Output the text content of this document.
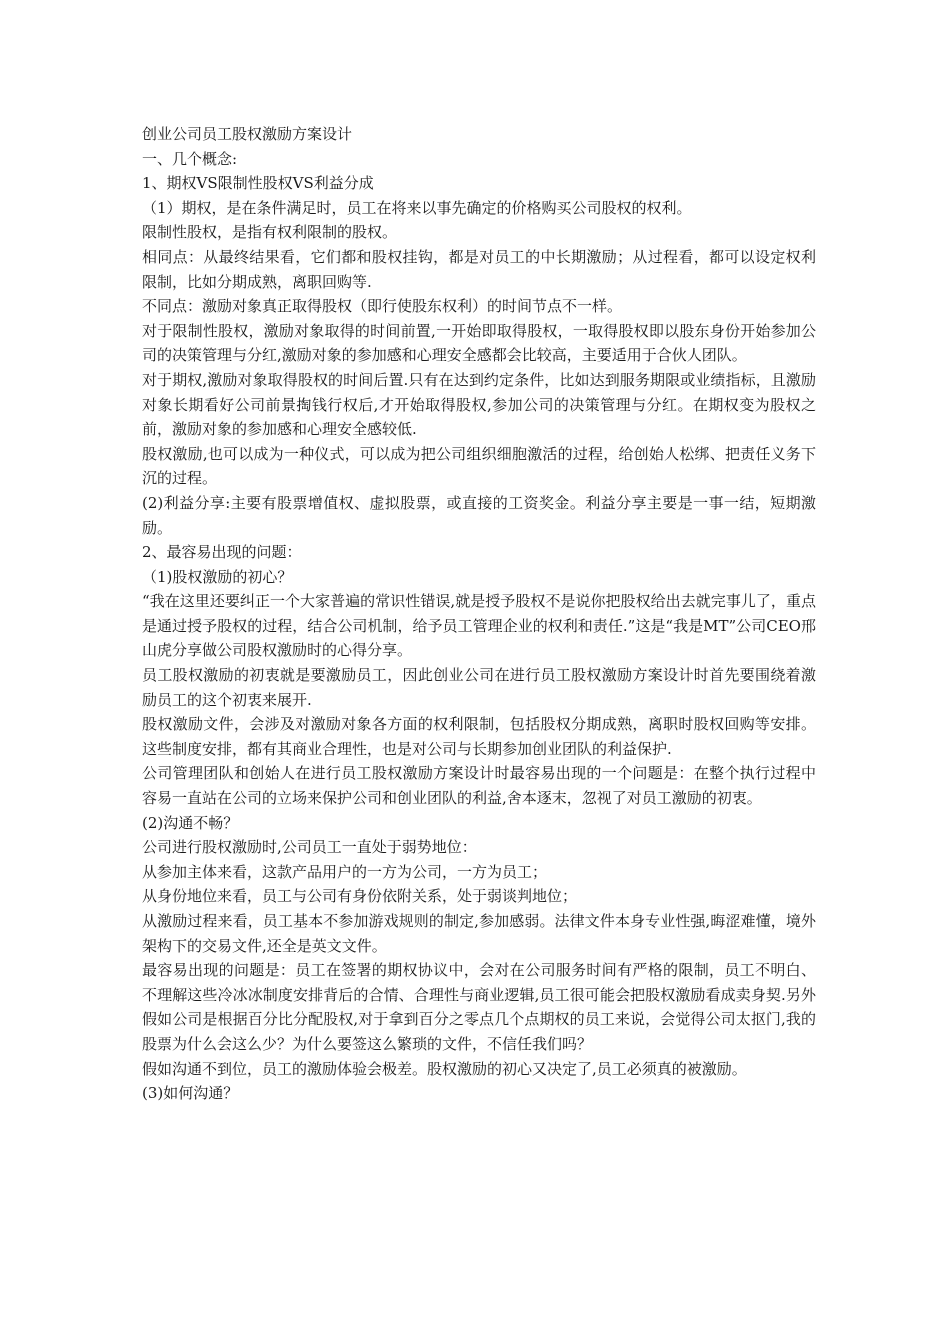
创业公司员工股权激励方案设计

一、几个概念:

1、期权VS限制性股权VS利益分成

（1）期权，是在条件满足时，员工在将来以事先确定的价格购买公司股权的权利。

限制性股权，是指有权利限制的股权。

相同点：从最终结果看，它们都和股权挂钩，都是对员工的中长期激励；从过程看，都可以设定权利限制，比如分期成熟，离职回购等.

不同点：激励对象真正取得股权（即行使股东权利）的时间节点不一样。

对于限制性股权，激励对象取得的时间前置,一开始即取得股权，一取得股权即以股东身份开始参加公司的决策管理与分红,激励对象的参加感和心理安全感都会比较高，主要适用于合伙人团队。

对于期权,激励对象取得股权的时间后置.只有在达到约定条件，比如达到服务期限或业绩指标，且激励对象长期看好公司前景掏钱行权后,才开始取得股权,参加公司的决策管理与分红。在期权变为股权之前，激励对象的参加感和心理安全感较低.

股权激励,也可以成为一种仪式，可以成为把公司组织细胞激活的过程，给创始人松绑、把责任义务下沉的过程。

(2)利益分享:主要有股票增值权、虚拟股票，或直接的工资奖金。利益分享主要是一事一结，短期激励。

2、最容易出现的问题：

（1)股权激励的初心？

“我在这里还要纠正一个大家普遍的常识性错误,就是授予股权不是说你把股权给出去就完事儿了，重点是通过授予股权的过程，结合公司机制，给予员工管理企业的权利和责任.”这是“我是MT”公司CEO邢山虎分享做公司股权激励时的心得分享。

员工股权激励的初衷就是要激励员工，因此创业公司在进行员工股权激励方案设计时首先要围绕着激励员工的这个初衷来展开.

股权激励文件，会涉及对激励对象各方面的权利限制，包括股权分期成熟，离职时股权回购等安排。这些制度安排，都有其商业合理性，也是对公司与长期参加创业团队的利益保护.

公司管理团队和创始人在进行员工股权激励方案设计时最容易出现的一个问题是：在整个执行过程中容易一直站在公司的立场来保护公司和创业团队的利益,舍本逐末，忽视了对员工激励的初衷。

(2)沟通不畅？

公司进行股权激励时,公司员工一直处于弱势地位：

从参加主体来看，这款产品用户的一方为公司，一方为员工；

从身份地位来看，员工与公司有身份依附关系，处于弱谈判地位；

从激励过程来看，员工基本不参加游戏规则的制定,参加感弱。法律文件本身专业性强,晦涩难懂，境外架构下的交易文件,还全是英文文件。

最容易出现的问题是：员工在签署的期权协议中，会对在公司服务时间有严格的限制，员工不明白、不理解这些冷冰冰制度安排背后的合情、合理性与商业逻辑,员工很可能会把股权激励看成卖身契.另外假如公司是根据百分比分配股权,对于拿到百分之零点几个点期权的员工来说，会觉得公司太抠门,我的股票为什么会这么少？为什么要签这么繁琐的文件，不信任我们吗？

假如沟通不到位，员工的激励体验会极差。股权激励的初心又决定了,员工必须真的被激励。

(3)如何沟通？
